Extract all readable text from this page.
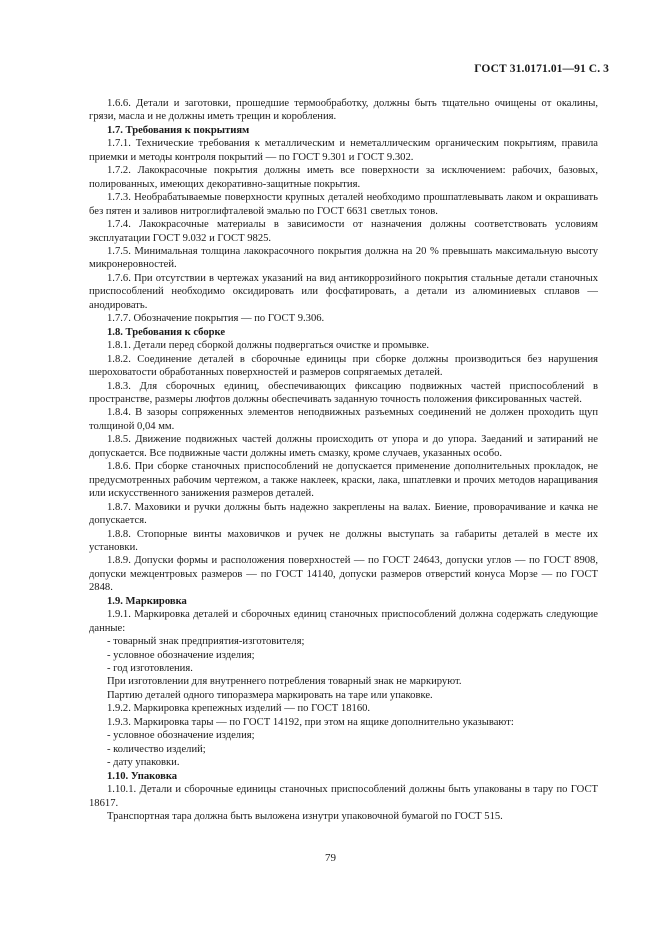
ГОСТ 31.0171.01—91 С. 3

1.6.6. Детали и заготовки, прошедшие термообработку, должны быть тщательно очищены от окалины, грязи, масла и не должны иметь трещин и коробления.

1.7. Требования к покрытиям

1.7.1. Технические требования к металлическим и неметаллическим органическим покрытиям, правила приемки и методы контроля покрытий — по ГОСТ 9.301 и ГОСТ 9.302.

1.7.2. Лакокрасочные покрытия должны иметь все поверхности за исключением: рабочих, базовых, полированных, имеющих декоративно-защитные покрытия.

1.7.3. Необрабатываемые поверхности крупных деталей необходимо прошпатлевывать лаком и окрашивать без пятен и заливов нитроглифталевой эмалью по ГОСТ 6631 светлых тонов.

1.7.4. Лакокрасочные материалы в зависимости от назначения должны соответствовать условиям эксплуатации ГОСТ 9.032 и ГОСТ 9825.

1.7.5. Минимальная толщина лакокрасочного покрытия должна на 20 % превышать максимальную высоту микронеровностей.

1.7.6. При отсутствии в чертежах указаний на вид антикоррозийного покрытия стальные детали станочных приспособлений необходимо оксидировать или фосфатировать, а детали из алюминиевых сплавов — анодировать.

1.7.7. Обозначение покрытия — по ГОСТ 9.306.

1.8. Требования к сборке

1.8.1. Детали перед сборкой должны подвергаться очистке и промывке.

1.8.2. Соединение деталей в сборочные единицы при сборке должны производиться без нарушения шероховатости обработанных поверхностей и размеров сопрягаемых деталей.

1.8.3. Для сборочных единиц, обеспечивающих фиксацию подвижных частей приспособлений в пространстве, размеры люфтов должны обеспечивать заданную точность положения фиксированных частей.

1.8.4. В зазоры сопряженных элементов неподвижных разъемных соединений не должен проходить щуп толщиной 0,04 мм.

1.8.5. Движение подвижных частей должны происходить от упора и до упора. Заеданий и затираний не допускается. Все подвижные части должны иметь смазку, кроме случаев, указанных особо.

1.8.6. При сборке станочных приспособлений не допускается применение дополнительных прокладок, не предусмотренных рабочим чертежом, а также наклеек, краски, лака, шпатлевки и прочих методов наращивания или искусственного занижения размеров деталей.

1.8.7. Маховики и ручки должны быть надежно закреплены на валах. Биение, проворачивание и качка не допускается.

1.8.8. Стопорные винты маховичков и ручек не должны выступать за габариты деталей в месте их установки.

1.8.9. Допуски формы и расположения поверхностей — по ГОСТ 24643, допуски углов — по ГОСТ 8908, допуски межцентровых размеров — по ГОСТ 14140, допуски размеров отверстий конуса Морзе — по ГОСТ 2848.

1.9. Маркировка

1.9.1. Маркировка деталей и сборочных единиц станочных приспособлений должна содержать следующие данные:

- товарный знак предприятия-изготовителя;

- условное обозначение изделия;

- год изготовления.

При изготовлении для внутреннего потребления товарный знак не маркируют.

Партию деталей одного типоразмера маркировать на таре или упаковке.

1.9.2. Маркировка крепежных изделий — по ГОСТ 18160.

1.9.3. Маркировка тары — по ГОСТ 14192, при этом на ящике дополнительно указывают:

- условное обозначение изделия;

- количество изделий;

- дату упаковки.

1.10. Упаковка

1.10.1. Детали и сборочные единицы станочных приспособлений должны быть упакованы в тару по ГОСТ 18617.

Транспортная тара должна быть выложена изнутри упаковочной бумагой по ГОСТ 515.

79
